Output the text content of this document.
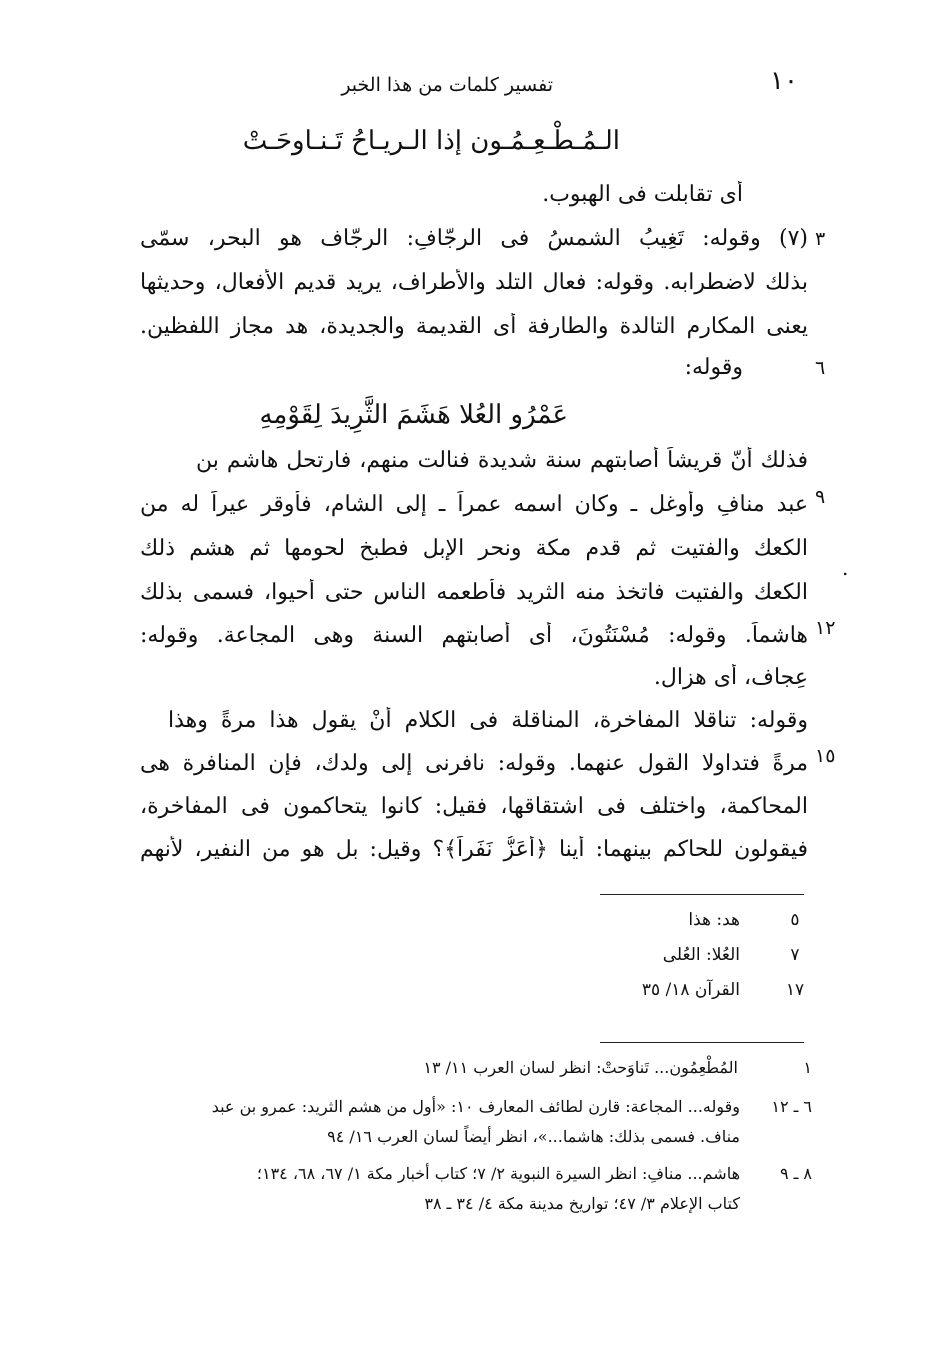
١٠
تفسير كلمات من هذا الخبر
الـمُـطْـعِـمُـون إذا الـريـاحُ تَـنـاوحَـتْ
أى تقابلت فى الهبوب.
٣
(٧) وقوله: تَغِيبُ الشمسُ فى الرجّافِ: الرجّاف هو البحر، سمّى
بذلك لاضطرابه. وقوله: فعال التلد والأطراف، يريد قديم الأفعال، وحديثها
يعنى المكارم التالدة والطارفة أى القديمة والجديدة، هد مجاز اللفظين.
٦
وقوله:
عَمْرُو العُلا هَشَمَ الثَّرِيدَ لِقَوْمِهِ
فذلك أنّ قريشاً أصابتهم سنة شديدة فنالت منهم، فارتحل هاشم بن
٩
عبد منافِ وأوغل ـ وكان اسمه عمراً ـ إلى الشام، فأوقر عيراً له من
الكعك والفتيت ثم قدم مكة ونحر الإبل فطبخ لحومها ثم هشم ذلك
.
الكعك والفتيت فاتخذ منه الثريد فأطعمه الناس حتى أحيوا، فسمى بذلك
١٢
هاشماً. وقوله: مُسْنَتُونَ، أى أصابتهم السنة وهى المجاعة. وقوله:
عِجاف، أى هزال.
وقوله: تناقلا المفاخرة، المناقلة فى الكلام أنْ يقول هذا مرةً وهذا
١٥
مرةً فتداولا القول عنهما. وقوله: نافرنى إلى ولدك، فإن المنافرة هى
المحاكمة، واختلف فى اشتقاقها، فقيل: كانوا يتحاكمون فى المفاخرة،
فيقولون للحاكم بينهما: أينا ﴿أَعَزُّ نَفَراً﴾؟ وقيل: بل هو من النفير، لأنهم
٥
هد: هذا
٧
العُلا: العُلى
١٧
القرآن ١٨/ ٣٥
١
المُطْعِمُون... تَناوَحتْ: انظر لسان العرب ١١/ ١٣
٦ ـ ١٢
وقوله... المجاعة: قارن لطائف المعارف ١٠: «أول من هشم الثريد: عمرو بن عبد
مناف. فسمى بذلك: هاشما...»، انظر أيضاً لسان العرب ١٦/ ٩٤
٨ ـ ٩
هاشم... منافِ: انظر السيرة النبوية ٢/ ٧؛ كتاب أخبار مكة ١/ ٦٧، ٦٨، ١٣٤؛
كتاب الإعلام ٣/ ٤٧؛ تواريخ مدينة مكة ٤/ ٣٤ ـ ٣٨
